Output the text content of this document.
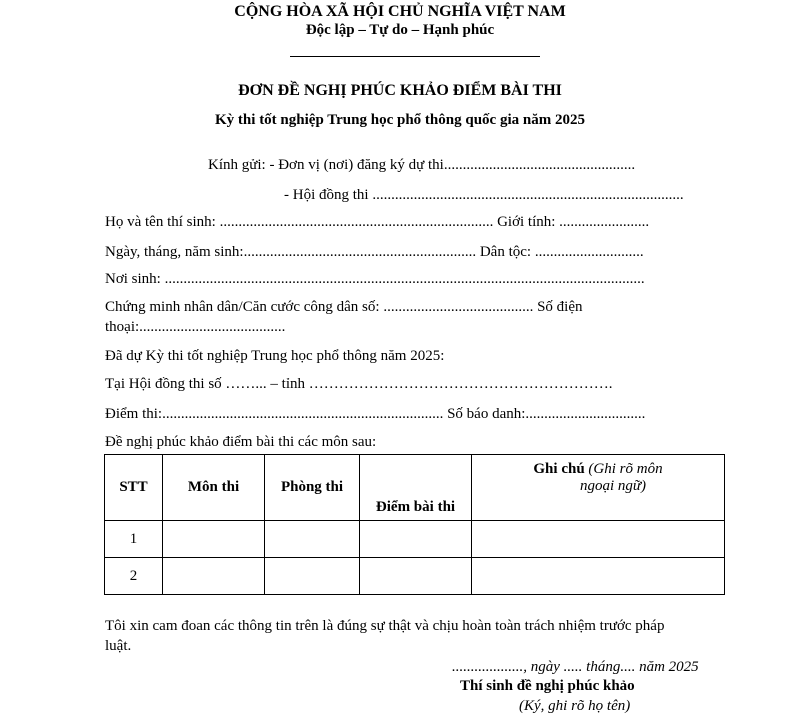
CỘNG HÒA XÃ HỘI CHỦ NGHĨA VIỆT NAM
Độc lập – Tự do – Hạnh phúc
ĐƠN ĐỀ NGHỊ PHÚC KHẢO ĐIỂM BÀI THI
Kỳ thi tốt nghiệp Trung học phổ thông quốc gia năm 2025
Kính gửi: - Đơn vị (nơi) đăng ký dự thi...................................................
- Hội đồng thi ...................................................................................
Họ và tên thí sinh: ......................................................................... Giới tính: ........................
Ngày, tháng, năm sinh:.............................................................. Dân tộc: .............................
Nơi sinh: ................................................................................................................................
Chứng minh nhân dân/Căn cước công dân số: ........................................ Số điện
thoại:.......................................
Đã dự Kỳ thi tốt nghiệp Trung học phổ thông năm 2025:
Tại Hội đồng thi số ……... – tỉnh …………………………………………………….
Điểm thi:........................................................................... Số báo danh:................................
Đề nghị phúc khảo điểm bài thi các môn sau:
STT	Môn thi	Phòng thi	Điểm bài thi	Ghi chú (Ghi rõ môn
ngoại ngữ)

1				
2				
Tôi xin cam đoan các thông tin trên là đúng sự thật và chịu hoàn toàn trách nhiệm trước pháp
luật.
..................., ngày ..... tháng.... năm 2025
Thí sinh đề nghị phúc khảo
(Ký, ghi rõ họ tên)
